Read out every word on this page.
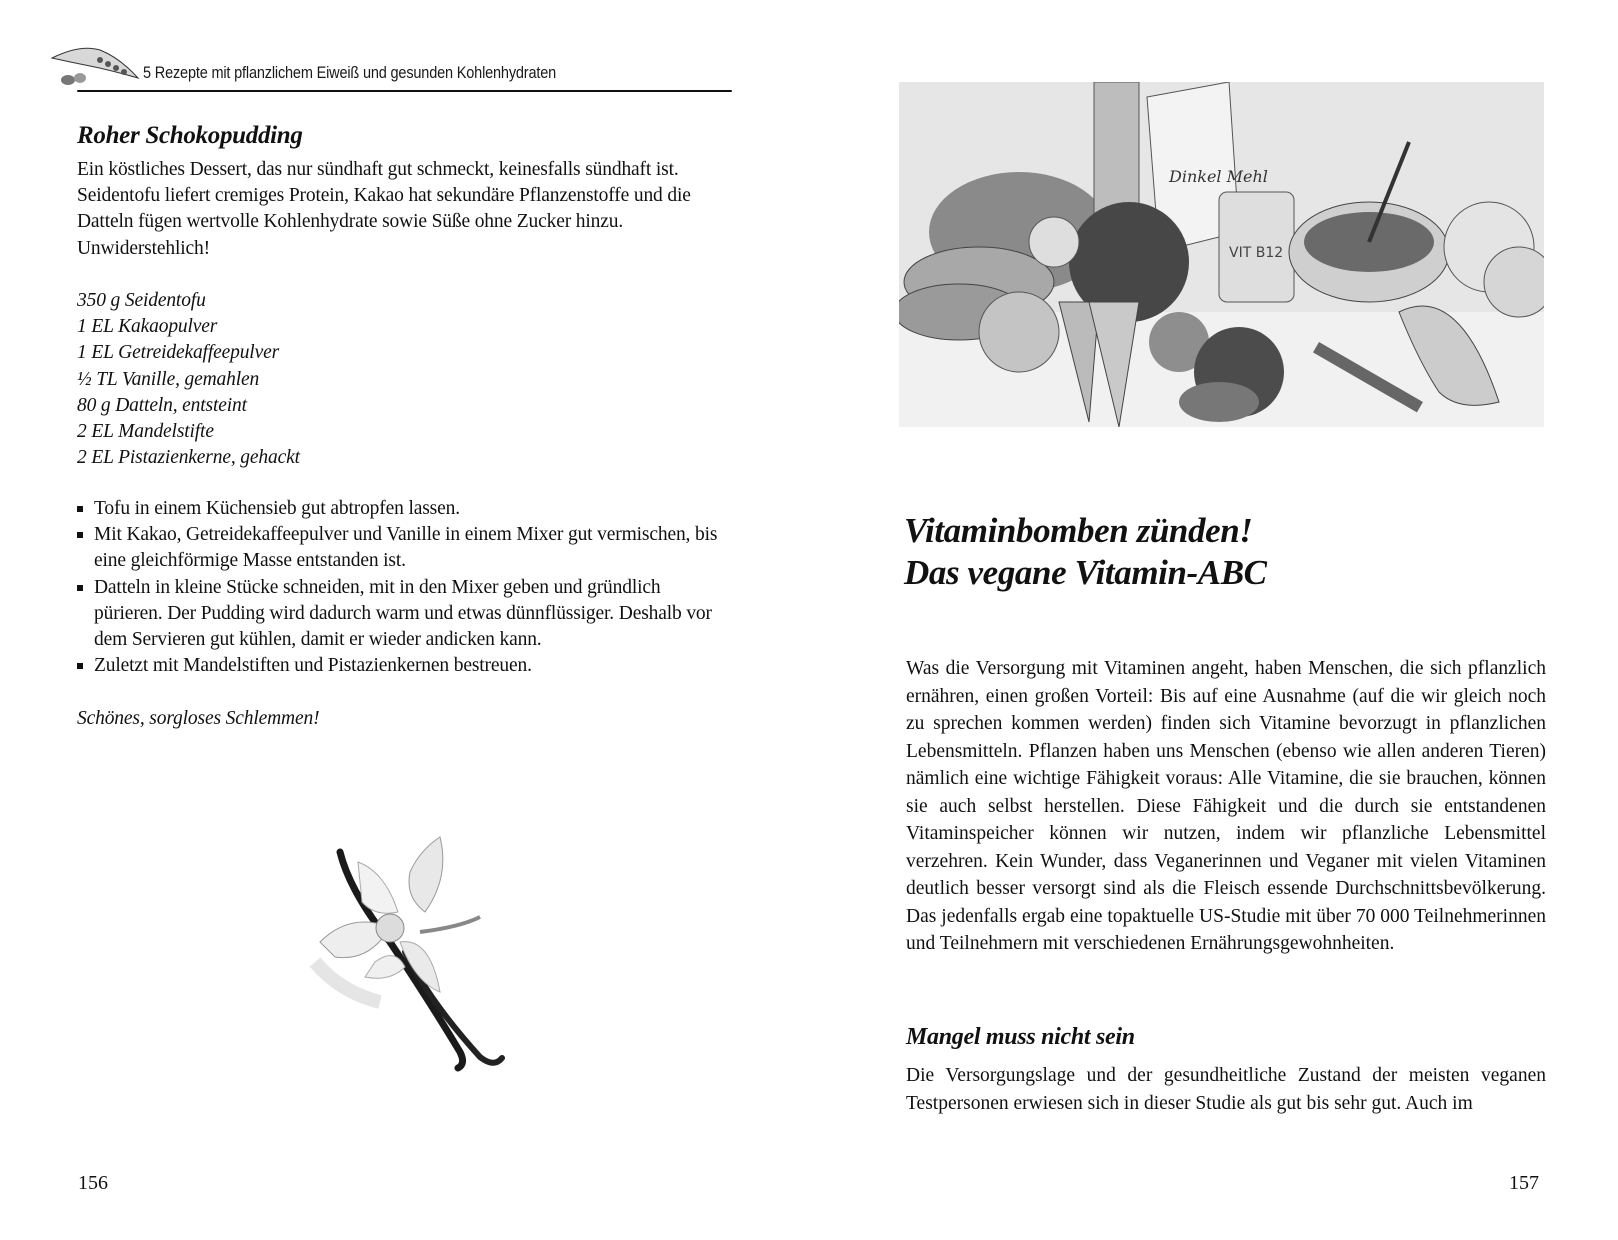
5 Rezepte mit pflanzlichem Eiweiß und gesunden Kohlenhydraten
Roher Schokopudding

Ein köstliches Dessert, das nur sündhaft gut schmeckt, keinesfalls sündhaft ist. Seidentofu liefert cremiges Protein, Kakao hat sekundäre Pflanzenstoffe und die Datteln fügen wertvolle Kohlenhydrate sowie Süße ohne Zucker hinzu. Unwiderstehlich!

350 g Seidentofu
1 EL Kakaopulver
1 EL Getreidekaffeepulver
½ TL Vanille, gemahlen
80 g Datteln, entsteint
2 EL Mandelstifte
2 EL Pistazienkerne, gehackt
Tofu in einem Küchensieb gut abtropfen lassen.
Mit Kakao, Getreidekaffeepulver und Vanille in einem Mixer gut vermischen, bis eine gleichförmige Masse entstanden ist.
Datteln in kleine Stücke schneiden, mit in den Mixer geben und gründlich pürieren. Der Pudding wird dadurch warm und etwas dünnflüssiger. Deshalb vor dem Servieren gut kühlen, damit er wieder andicken kann.
Zuletzt mit Mandelstiften und Pistazienkernen bestreuen.

Schönes, sorgloses Schlemmen!

156
Dinkel Mehl
VIT B12
Vitaminbomben zünden!
Das vegane Vitamin-ABC

Was die Versorgung mit Vitaminen angeht, haben Menschen, die sich pflanzlich ernähren, einen großen Vorteil: Bis auf eine Ausnahme (auf die wir gleich noch zu sprechen kommen werden) finden sich Vitamine bevorzugt in pflanzlichen Lebensmitteln. Pflanzen haben uns Menschen (ebenso wie allen anderen Tieren) nämlich eine wichtige Fähigkeit voraus: Alle Vitamine, die sie brauchen, können sie auch selbst herstellen. Diese Fähigkeit und die durch sie entstandenen Vitaminspeicher können wir nutzen, indem wir pflanzliche Lebensmittel verzehren. Kein Wunder, dass Veganerinnen und Veganer mit vielen Vitaminen deutlich besser versorgt sind als die Fleisch essende Durchschnittsbevölkerung. Das jedenfalls ergab eine topaktuelle US-Studie mit über 70 000 Teilnehmerinnen und Teilnehmern mit verschiedenen Ernährungsgewohnheiten.

Mangel muss nicht sein

Die Versorgungslage und der gesundheitliche Zustand der meisten veganen Testpersonen erwiesen sich in dieser Studie als gut bis sehr gut. Auch im

157
